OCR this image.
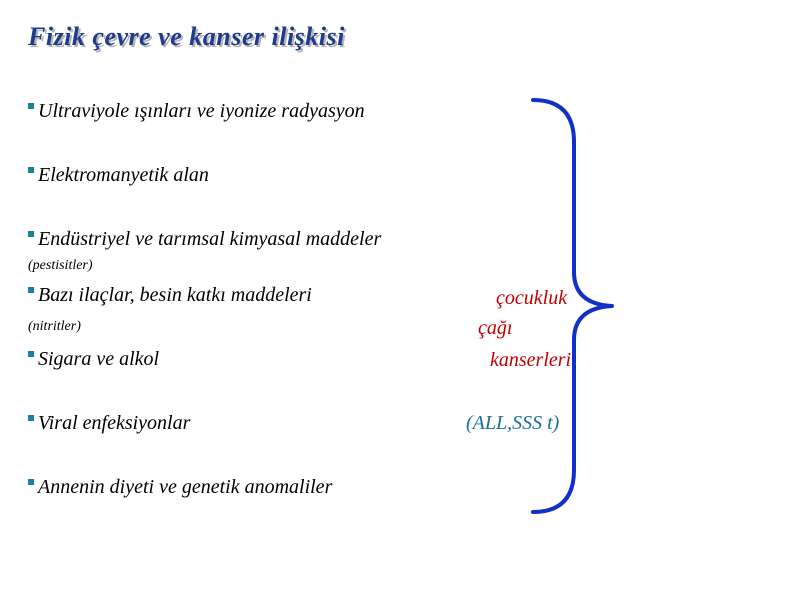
Fizik çevre ve kanser ilişkisi
Ultraviyole ışınları ve iyonize radyasyon
Elektromanyetik alan
Endüstriyel ve tarımsal kimyasal maddeler
(pestisitler)
Bazı ilaçlar, besin katkı maddeleri
(nitritler)
Sigara ve alkol
Viral enfeksiyonlar
Annenin diyeti ve genetik anomaliler
çocukluk
çağı
kanserleri
(ALL,SSS t)
